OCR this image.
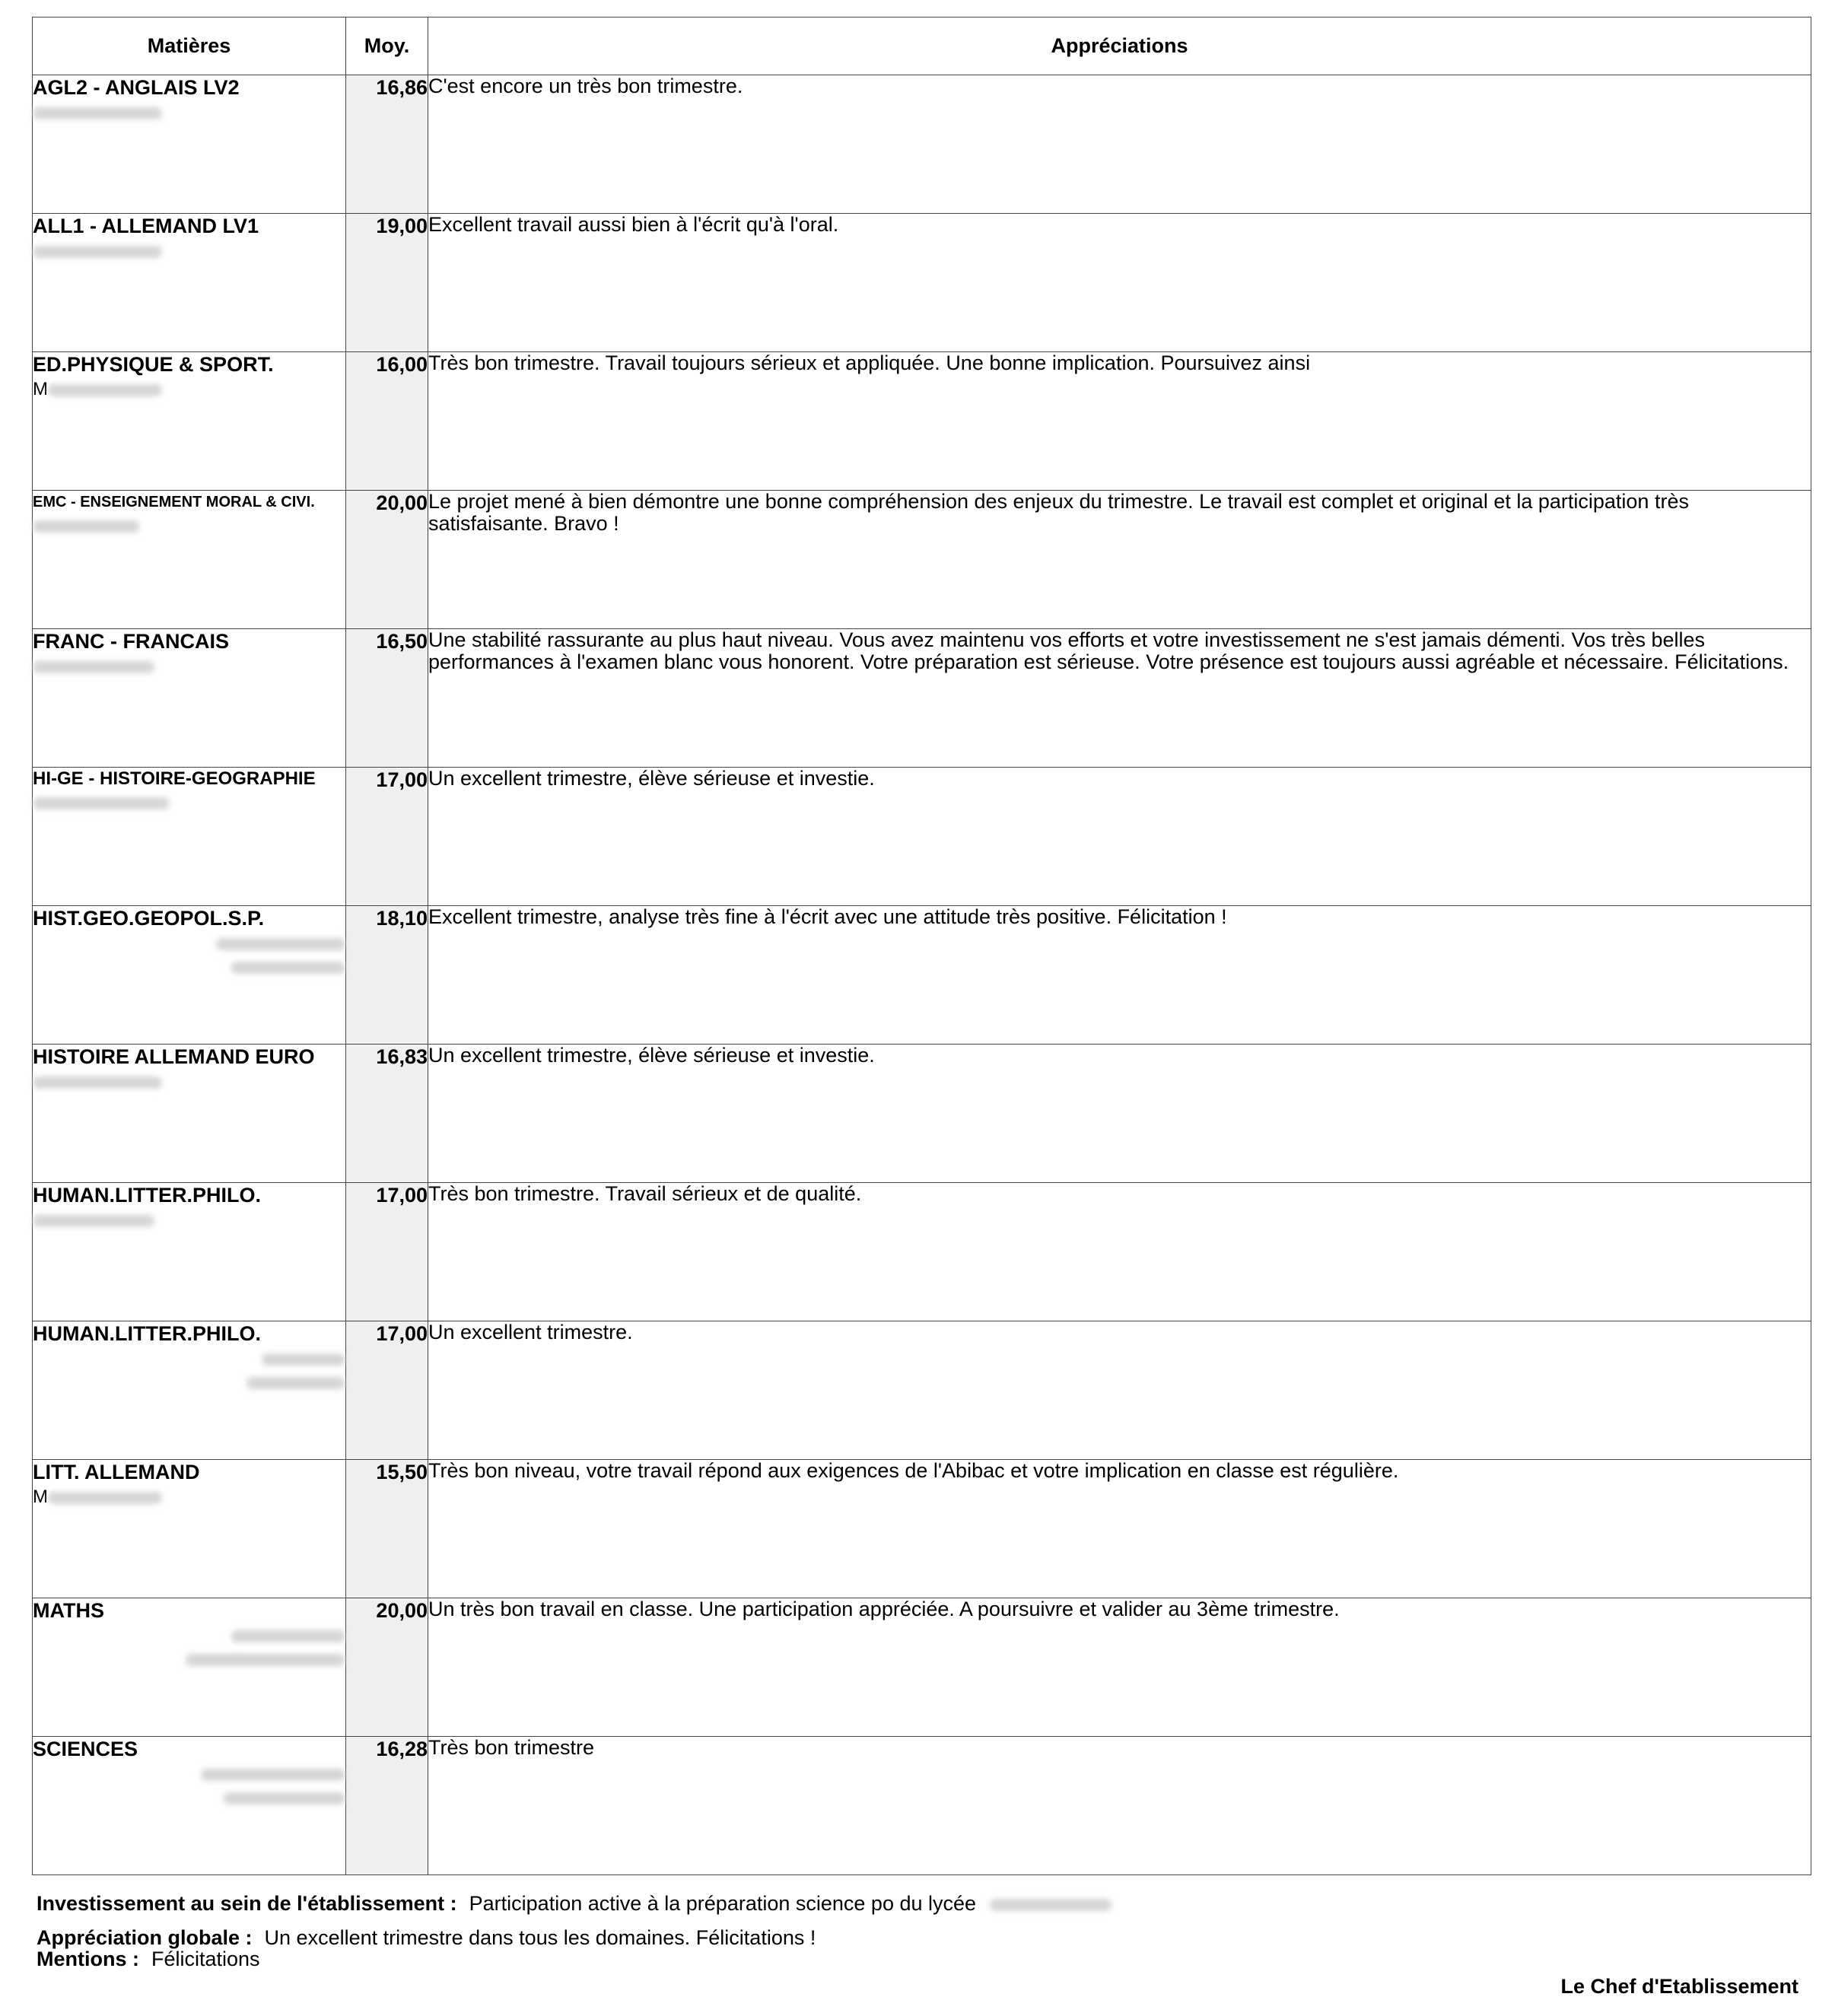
Matières	Moy.	Appréciations

AGL2 - ANGLAIS LV2	16,86	C'est encore un très bon trimestre.

ALL1 - ALLEMAND LV1	19,00	Excellent travail aussi bien à l'écrit qu'à l'oral.

ED.PHYSIQUE & SPORT.
M	16,00	Très bon trimestre. Travail toujours sérieux et appliquée. Une bonne implication. Poursuivez ainsi

EMC - ENSEIGNEMENT MORAL & CIVI.	20,00	Le projet mené à bien démontre une bonne compréhension des enjeux du trimestre. Le travail est complet et original et la participation très satisfaisante. Bravo !

FRANC - FRANCAIS	16,50	Une stabilité rassurante au plus haut niveau. Vous avez maintenu vos efforts et votre investissement ne s'est jamais démenti. Vos très belles performances à l'examen blanc vous honorent. Votre préparation est sérieuse. Votre présence est toujours aussi agréable et nécessaire. Félicitations.

HI-GE - HISTOIRE-GEOGRAPHIE	17,00	Un excellent trimestre, élève sérieuse et investie.

HIST.GEO.GEOPOL.S.P.	18,10	Excellent trimestre, analyse très fine à l'écrit avec une attitude très positive. Félicitation !

HISTOIRE ALLEMAND EURO	16,83	Un excellent trimestre, élève sérieuse et investie.

HUMAN.LITTER.PHILO.	17,00	Très bon trimestre. Travail sérieux et de qualité.

HUMAN.LITTER.PHILO.	17,00	Un excellent trimestre.

LITT. ALLEMAND
M	15,50	Très bon niveau, votre travail répond aux exigences de l'Abibac et votre implication en classe est régulière.

MATHS	20,00	Un très bon travail en classe. Une participation appréciée. A poursuivre et valider au 3ème trimestre.

SCIENCES	16,28	Très bon trimestre
Investissement au sein de l'établissement : Participation active à la préparation science po du lycée
Appréciation globale : Un excellent trimestre dans tous les domaines. Félicitations !
Mentions : Félicitations
Le Chef d'Etablissement
